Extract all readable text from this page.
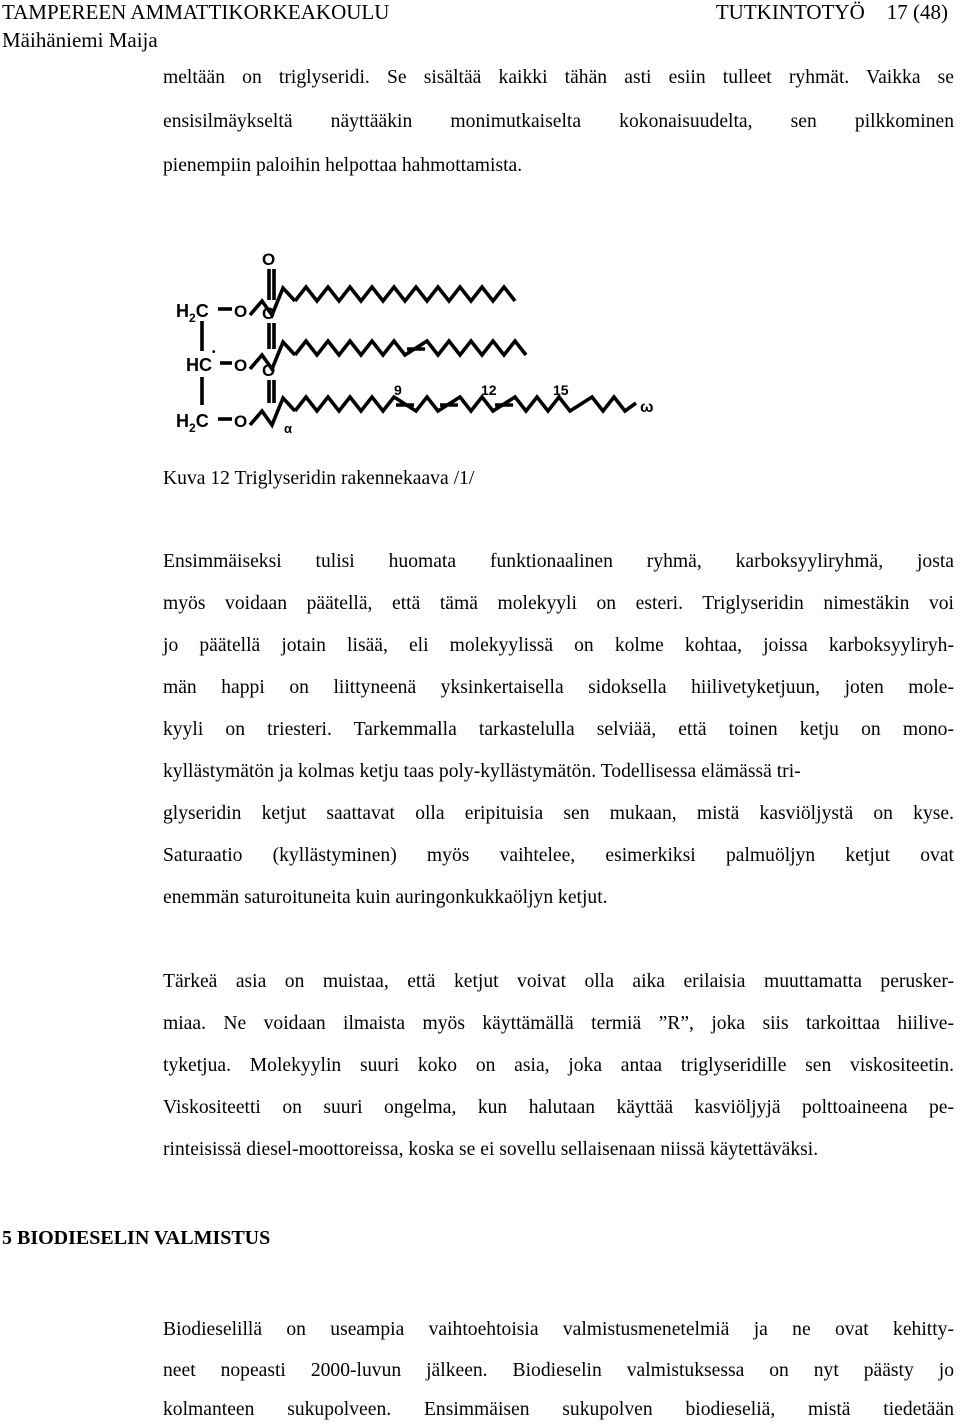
TAMPEREEN AMMATTIKORKEAKOULU
Mäihäniemi Maija
TUTKINTOTYÖ 17 (48)
meltään on triglyseridi. Se sisältää kaikki tähän asti esiin tulleet ryhmät. Vaikka se
ensisilmäykseltä näyttääkin monimutkaiselta kokonaisuudelta, sen pilkkominen
pienempiin paloihin helpottaa hahmottamista.
O
$H_2C$ O O
HC
•
O O
9	12	15
$H_2C$ O	α
ω
Kuva 12 Triglyseridin rakennekaava /1/
Ensimmäiseksi tulisi huomata funktionaalinen ryhmä, karboksyyliryhmä, josta
myös voidaan päätellä, että tämä molekyyli on esteri. Triglyseridin nimestäkin voi
jo päätellä jotain lisää, eli molekyylissä on kolme kohtaa, joissa karboksyyliryh-
män happi on liittyneenä yksinkertaisella sidoksella hiilivetyketjuun, joten mole-
kyyli on triesteri. Tarkemmalla tarkastelulla selviää, että toinen ketju on mono-
kyllästymätön ja kolmas ketju taas poly-kyllästymätön. Todellisessa elämässä tri-
glyseridin ketjut saattavat olla eripituisia sen mukaan, mistä kasviöljystä on kyse.
Saturaatio (kyllästyminen) myös vaihtelee, esimerkiksi palmuöljyn ketjut ovat
enemmän saturoituneita kuin auringonkukkaöljyn ketjut.
Tärkeä asia on muistaa, että ketjut voivat olla aika erilaisia muuttamatta perusker-
miaa. Ne voidaan ilmaista myös käyttämällä termiä ”R”, joka siis tarkoittaa hiilive-
tyketjua. Molekyylin suuri koko on asia, joka antaa triglyseridille sen viskositeetin.
Viskositeetti on suuri ongelma, kun halutaan käyttää kasviöljyjä polttoaineena pe-
rinteisissä diesel-moottoreissa, koska se ei sovellu sellaisenaan niissä käytettäväksi.
5 BIODIESELIN VALMISTUS
Biodieselillä on useampia vaihtoehtoisia valmistusmenetelmiä ja ne ovat kehitty-
neet nopeasti 2000-luvun jälkeen. Biodieselin valmistuksessa on nyt päästy jo
kolmanteen sukupolveen. Ensimmäisen sukupolven biodieseliä, mistä tiedetään
